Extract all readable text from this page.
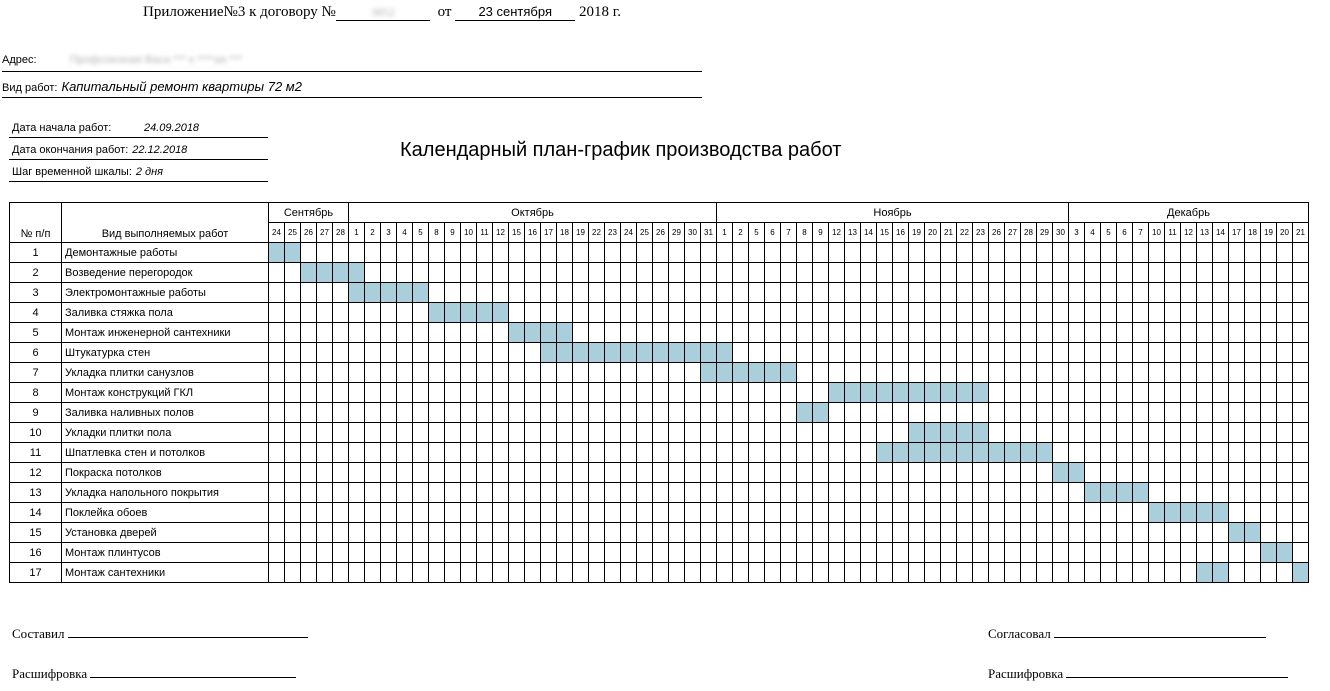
Приложение№3 к договору №	3852	от 23 сентября 2018 г.
Адрес:	Профсоюзная Васи *** к ****ая ***
Вид работ: Капитальный ремонт квартиры 72 м2
Дата начала работ:	24.09.2018
Дата окончания работ: 22.12.2018
Шаг временной шкалы: 2 дня
Календарный план-график производства работ
№ п/п	Вид выполняемых работ	Сентябрь	Октябрь	Ноябрь	Декабрь
24	25	26	27	28	1	2	3	4	5	8	9	10	11	12	15	16	17	18	19	22	23	24	25	26	29	30	31	1	2	5	6	7	8	9	12	13	14	15	16	19	20	21	22	23	26	27	28	29	30	3	4	5	6	7	10	11	12	13	14	17	18	19	20	21
1	Демонтажные работы																																																																	
2	Возведение перегородок																																																																	
3	Электромонтажные работы																																																																	
4	Заливка стяжка пола																																																																	
5	Монтаж инженерной сантехники																																																																	
6	Штукатурка стен																																																																	
7	Укладка плитки санузлов																																																																	
8	Монтаж конструкций ГКЛ																																																																	
9	Заливка наливных полов																																																																	
10	Укладки плитки пола																																																																	
11	Шпатлевка стен и потолков																																																																	
12	Покраска потолков																																																																	
13	Укладка напольного покрытия																																																																	
14	Поклейка обоев																																																																	
15	Установка дверей																																																																	
16	Монтаж плинтусов																																																																	
17	Монтаж сантехники																																																																	
Составил
Расшифровка
Согласовал
Расшифровка
